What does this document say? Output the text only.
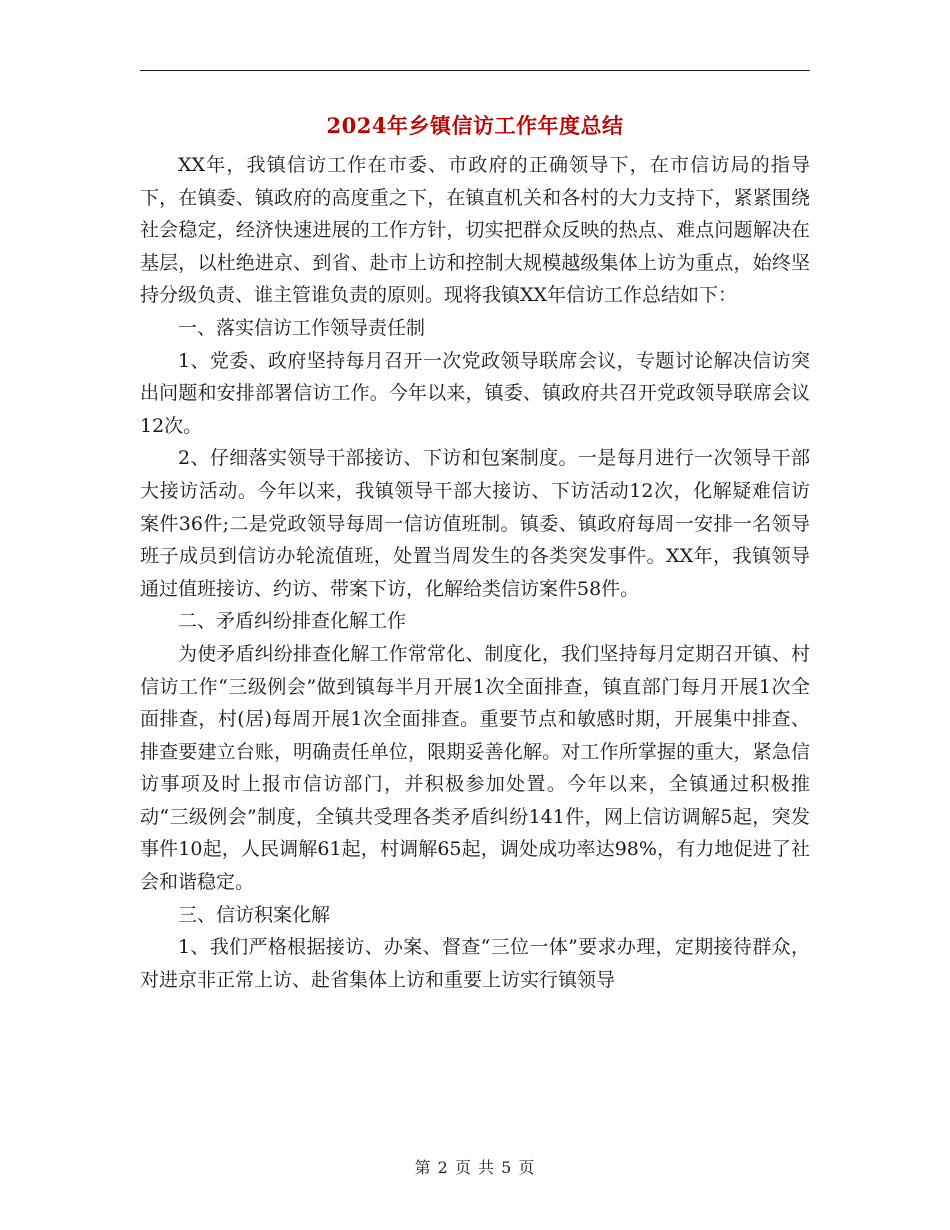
2024年乡镇信访工作年度总结

XX年，我镇信访工作在市委、市政府的正确领导下，在市信访局的指导下，在镇委、镇政府的高度重之下，在镇直机关和各村的大力支持下，紧紧围绕社会稳定，经济快速进展的工作方针，切实把群众反映的热点、难点问题解决在基层，以杜绝进京、到省、赴市上访和控制大规模越级集体上访为重点，始终坚持分级负责、谁主管谁负责的原则。现将我镇XX年信访工作总结如下：

一、落实信访工作领导责任制

1、党委、政府坚持每月召开一次党政领导联席会议，专题讨论解决信访突出问题和安排部署信访工作。今年以来，镇委、镇政府共召开党政领导联席会议12次。

2、仔细落实领导干部接访、下访和包案制度。一是每月进行一次领导干部大接访活动。今年以来，我镇领导干部大接访、下访活动12次，化解疑难信访案件36件;二是党政领导每周一信访值班制。镇委、镇政府每周一安排一名领导班子成员到信访办轮流值班，处置当周发生的各类突发事件。XX年，我镇领导通过值班接访、约访、带案下访，化解给类信访案件58件。

二、矛盾纠纷排查化解工作

为使矛盾纠纷排查化解工作常常化、制度化，我们坚持每月定期召开镇、村信访工作“三级例会”做到镇每半月开展1次全面排查，镇直部门每月开展1次全面排查，村(居)每周开展1次全面排查。重要节点和敏感时期，开展集中排查、排查要建立台账，明确责任单位，限期妥善化解。对工作所掌握的重大，紧急信访事项及时上报市信访部门，并积极参加处置。今年以来，全镇通过积极推动“三级例会”制度，全镇共受理各类矛盾纠纷141件，网上信访调解5起，突发事件10起，人民调解61起，村调解65起，调处成功率达98%，有力地促进了社会和谐稳定。

三、信访积案化解

1、我们严格根据接访、办案、督查“三位一体”要求办理，定期接待群众，对进京非正常上访、赴省集体上访和重要上访实行镇领导

第 2 页 共 5 页
